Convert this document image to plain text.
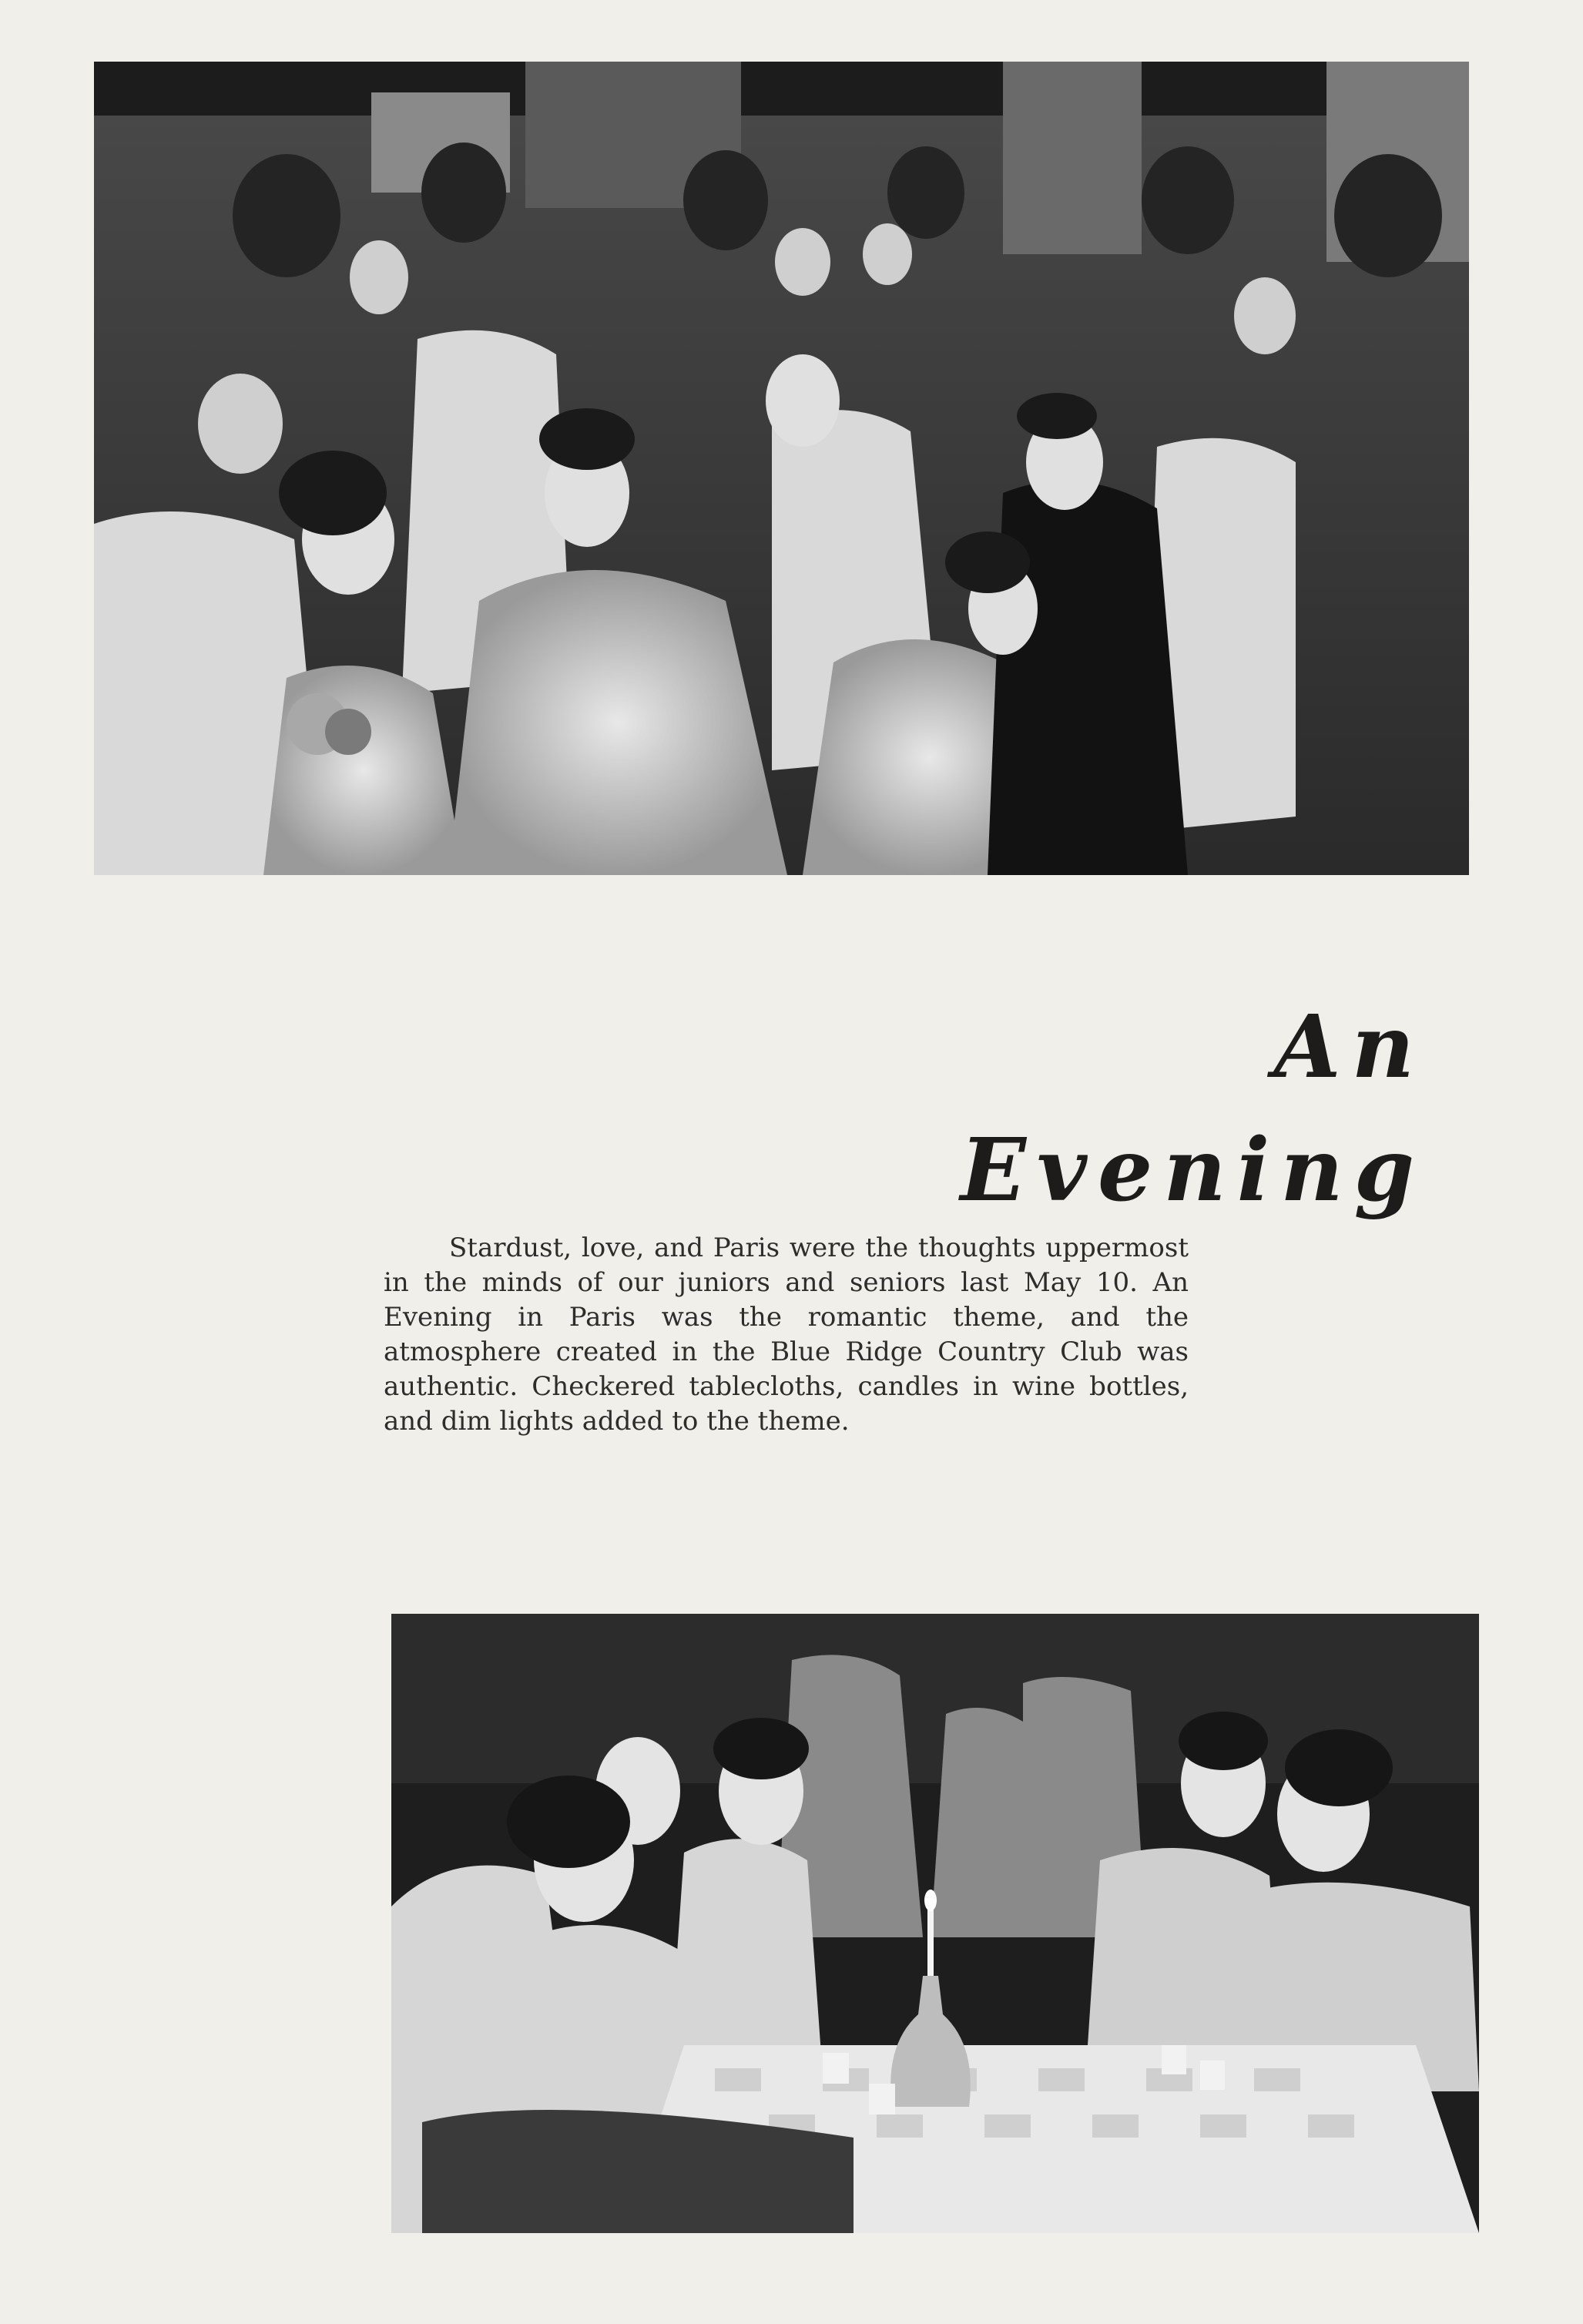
An Evening

Stardust, love, and Paris were the thoughts uppermost in the minds of our juniors and seniors last May 10. An Evening in Paris was the romantic theme, and the atmosphere created in the Blue Ridge Country Club was authentic. Checkered tablecloths, candles in wine bottles, and dim lights added to the theme.
